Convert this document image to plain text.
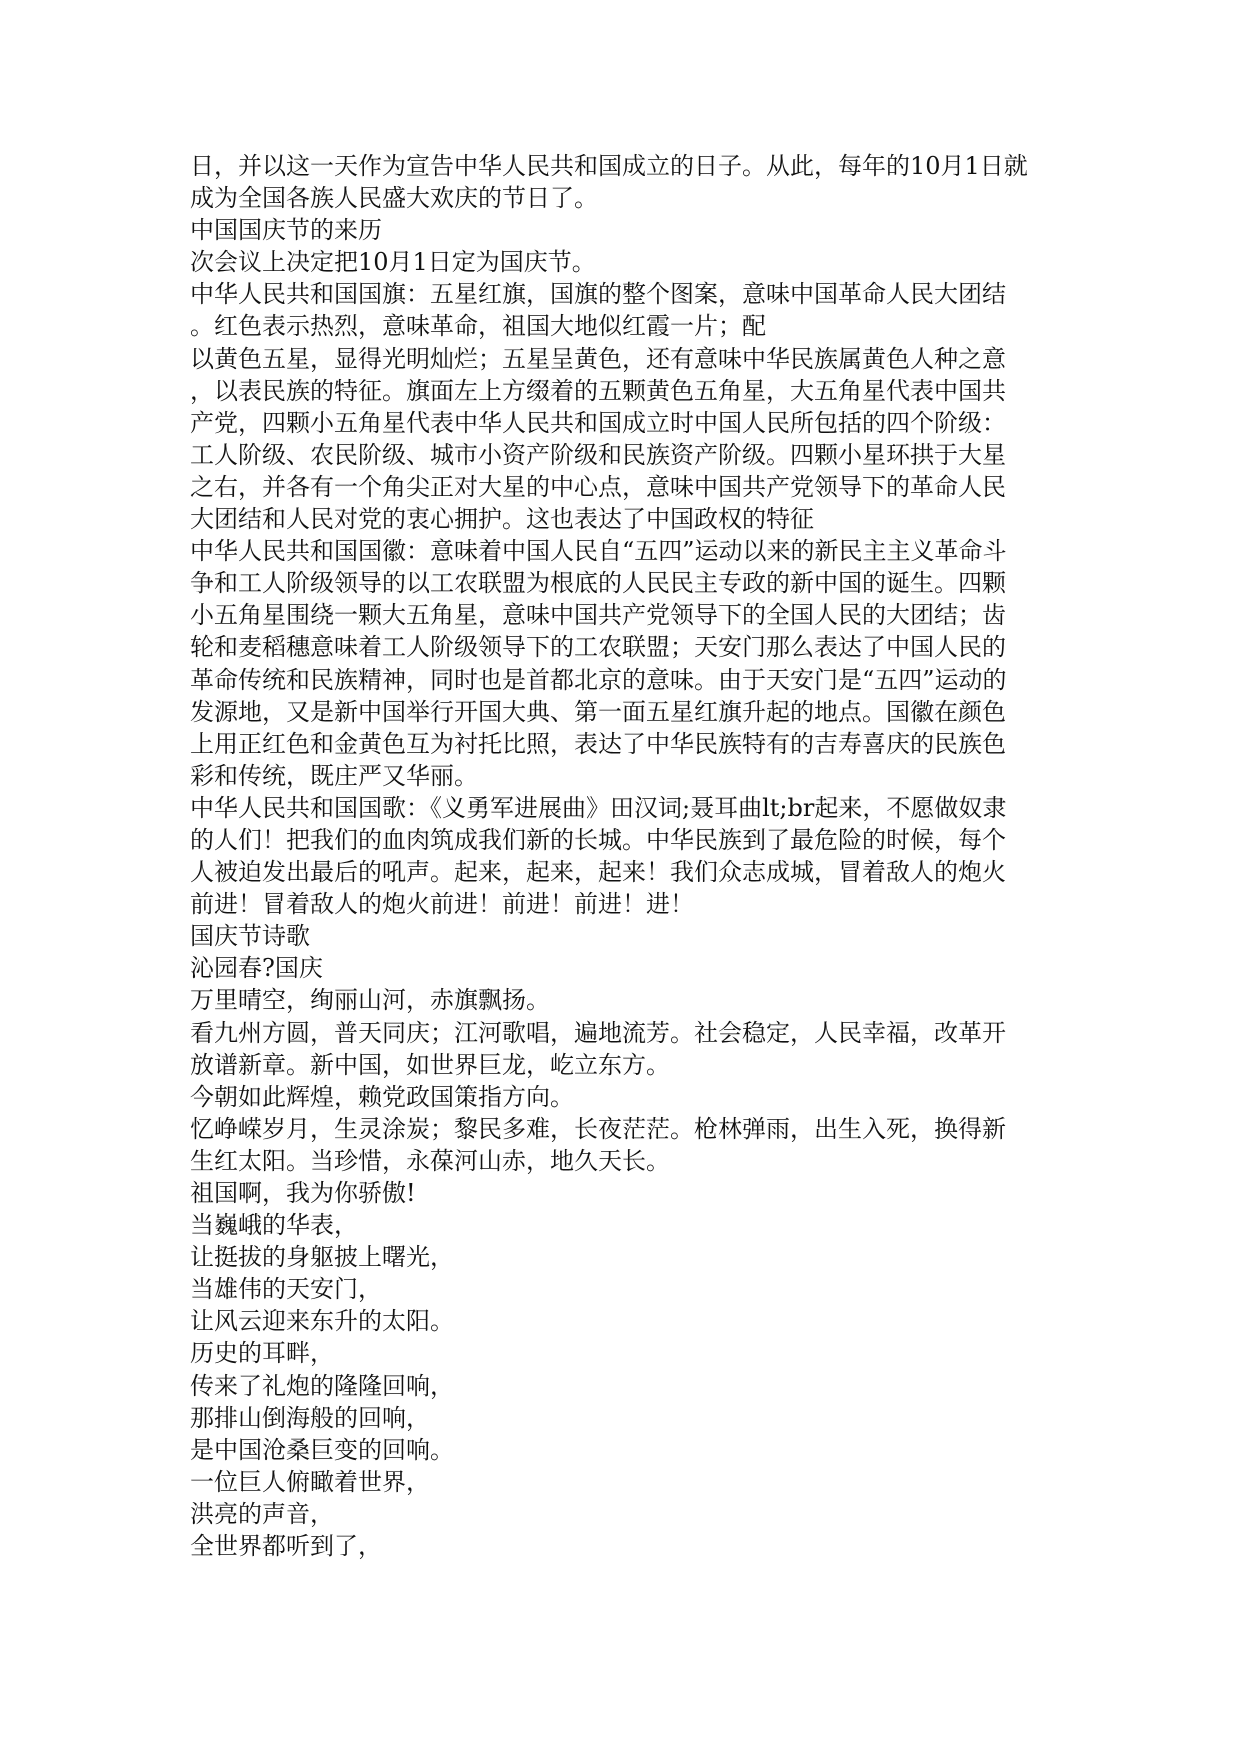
日，并以这一天作为宣告中华人民共和国成立的日子。从此，每年的10月1日就
成为全国各族人民盛大欢庆的节日了。
中国国庆节的来历
次会议上决定把10月1日定为国庆节。
中华人民共和国国旗：五星红旗，国旗的整个图案，意味中国革命人民大团结
。红色表示热烈，意味革命，祖国大地似红霞一片；配
以黄色五星，显得光明灿烂；五星呈黄色，还有意味中华民族属黄色人种之意
，以表民族的特征。旗面左上方缀着的五颗黄色五角星，大五角星代表中国共
产党，四颗小五角星代表中华人民共和国成立时中国人民所包括的四个阶级：
工人阶级、农民阶级、城市小资产阶级和民族资产阶级。四颗小星环拱于大星
之右，并各有一个角尖正对大星的中心点，意味中国共产党领导下的革命人民
大团结和人民对党的衷心拥护。这也表达了中国政权的特征
中华人民共和国国徽：意味着中国人民自“五四”运动以来的新民主主义革命斗
争和工人阶级领导的以工农联盟为根底的人民民主专政的新中国的诞生。四颗
小五角星围绕一颗大五角星，意味中国共产党领导下的全国人民的大团结；齿
轮和麦稻穗意味着工人阶级领导下的工农联盟；天安门那么表达了中国人民的
革命传统和民族精神，同时也是首都北京的意味。由于天安门是“五四”运动的
发源地，又是新中国举行开国大典、第一面五星红旗升起的地点。国徽在颜色
上用正红色和金黄色互为衬托比照，表达了中华民族特有的吉寿喜庆的民族色
彩和传统，既庄严又华丽。
中华人民共和国国歌：《义勇军进展曲》田汉词;聂耳曲lt;br起来，不愿做奴隶
的人们！把我们的血肉筑成我们新的长城。中华民族到了最危险的时候，每个
人被迫发出最后的吼声。起来，起来，起来！我们众志成城，冒着敌人的炮火
前进！冒着敌人的炮火前进！前进！前进！进！
国庆节诗歌
沁园春?国庆
万里晴空，绚丽山河，赤旗飘扬。
看九州方圆，普天同庆；江河歌唱，遍地流芳。社会稳定，人民幸福，改革开
放谱新章。新中国，如世界巨龙，屹立东方。
今朝如此辉煌，赖党政国策指方向。
忆峥嵘岁月，生灵涂炭；黎民多难，长夜茫茫。枪林弹雨，出生入死，换得新
生红太阳。当珍惜，永葆河山赤，地久天长。
祖国啊，我为你骄傲!
当巍峨的华表，
让挺拔的身躯披上曙光，
当雄伟的天安门，
让风云迎来东升的太阳。
历史的耳畔，
传来了礼炮的隆隆回响，
那排山倒海般的回响，
是中国沧桑巨变的回响。
一位巨人俯瞰着世界，
洪亮的声音，
全世界都听到了，
